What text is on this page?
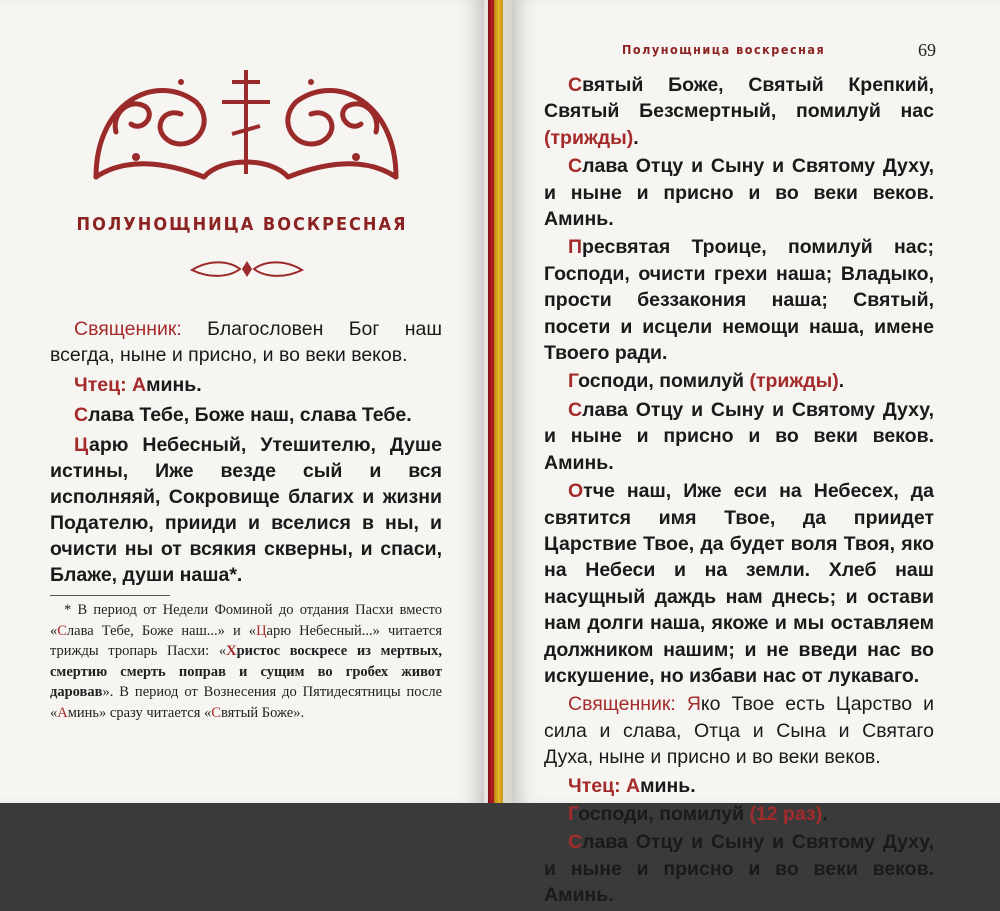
ПОЛУНОЩНИЦА ВОСКРЕСНАЯ

Священник: Благословен Бог наш всегда, ныне и присно, и во веки веков.

Чтец: Аминь.

Слава Тебе, Боже наш, слава Тебе.

Царю Небесный, Утешителю, Душе истины, Иже везде сый и вся исполняяй, Сокровище благих и жизни Подателю, прииди и вселися в ны, и очисти ны от всякия скверны, и спаси, Блаже, души наша*.

* В период от Недели Фоминой до отдания Пасхи вместо «Слава Тебе, Боже наш...» и «Царю Небесный...» читается трижды тропарь Пасхи: «Христос воскресе из мертвых, смертию смерть поправ и сущим во гробех живот даровав». В период от Вознесения до Пятидесятницы после «Аминь» сразу читается «Святый Боже».

Полунощница воскресная	69

Святый Боже, Святый Крепкий, Святый Безсмертный, помилуй нас (трижды).

Слава Отцу и Сыну и Святому Духу, и ныне и присно и во веки веков. Аминь.

Пресвятая Троице, помилуй нас; Господи, очисти грехи наша; Владыко, прости беззакония наша; Святый, посети и исцели немощи наша, имене Твоего ради.

Господи, помилуй (трижды).

Слава Отцу и Сыну и Святому Духу, и ныне и присно и во веки веков. Аминь.

Отче наш, Иже еси на Небесех, да святится имя Твое, да приидет Царствие Твое, да будет воля Твоя, яко на Небеси и на земли. Хлеб наш насущный даждь нам днесь; и остави нам долги наша, якоже и мы оставляем должником нашим; и не введи нас во искушение, но избави нас от лукаваго.

Священник: Яко Твое есть Царство и сила и слава, Отца и Сына и Святаго Духа, ныне и присно и во веки веков.

Чтец: Аминь.

Господи, помилуй (12 раз).

Слава Отцу и Сыну и Святому Духу, и ныне и присно и во веки веков. Аминь.
